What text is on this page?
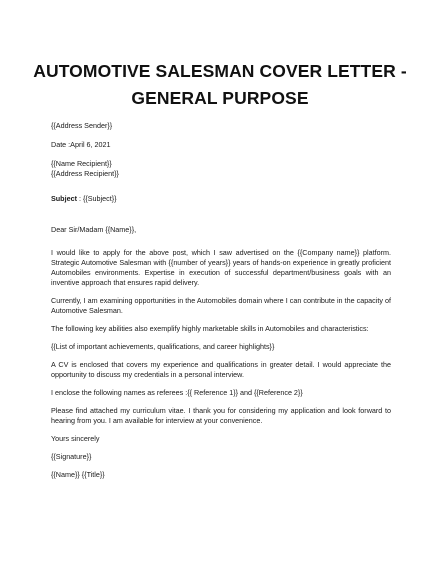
AUTOMOTIVE SALESMAN COVER LETTER -
GENERAL PURPOSE

{{Address Sender}}

Date :April 6, 2021

{{Name Recipient}}

{{Address Recipient}}

Subject : {{Subject}}

Dear Sir/Madam {{Name}},

I would like to apply for the above post, which I saw advertised on the {{Company name}} platform. Strategic Automotive Salesman with {{number of years}} years of hands-on experience in greatly proficient Automobiles environments. Expertise in execution of successful department/business goals with an inventive approach that ensures rapid delivery.

Currently, I am examining opportunities in the Automobiles domain where I can contribute in the capacity of Automotive Salesman.

The following key abilities also exemplify highly marketable skills in Automobiles and characteristics:

{{List of important achievements, qualifications, and career highlights}}

A CV is enclosed that covers my experience and qualifications in greater detail. I would appreciate the opportunity to discuss my credentials in a personal interview.

I enclose the following names as referees :{{ Reference 1}} and {{Reference 2}}

Please find attached my curriculum vitae. I thank you for considering my application and look forward to hearing from you. I am available for interview at your convenience.

Yours sincerely

{{Signature}}

{{Name}} {{Title}}
